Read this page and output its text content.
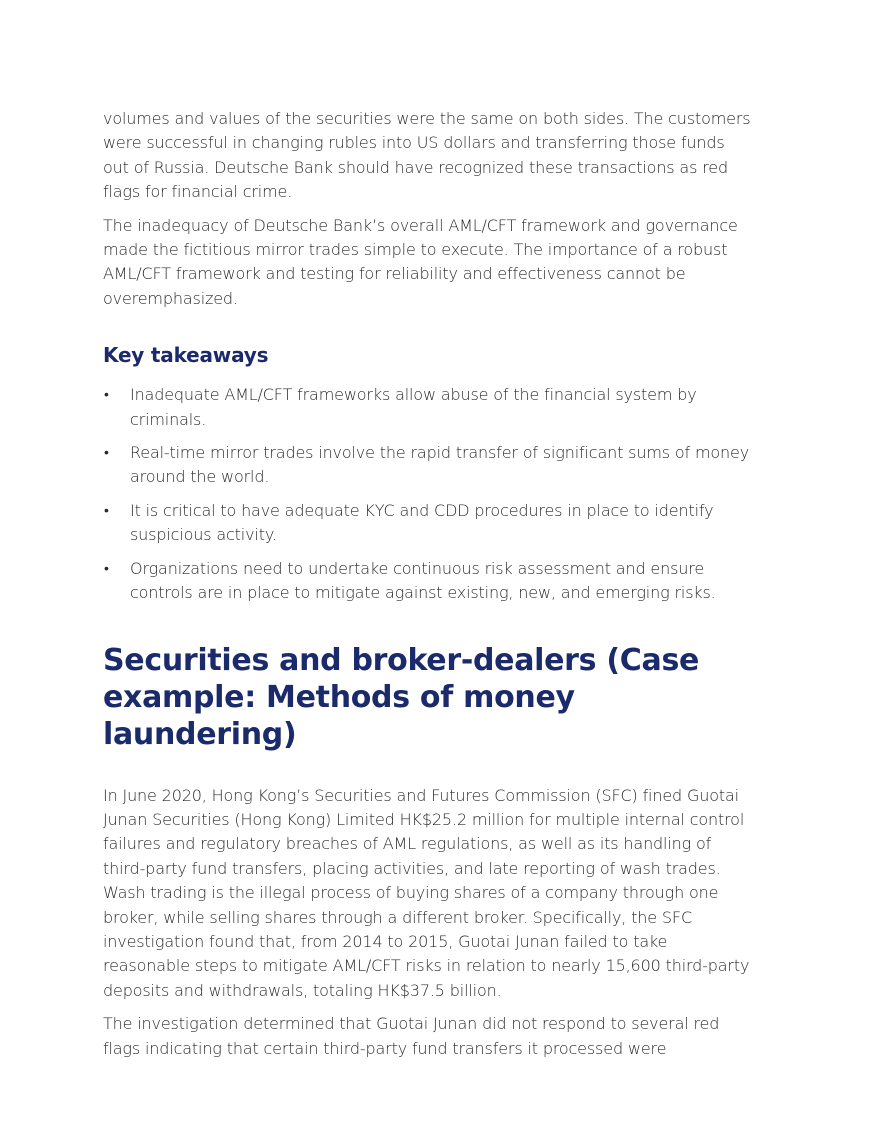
volumes and values of the securities were the same on both sides. The customers were successful in changing rubles into US dollars and transferring those funds out of Russia. Deutsche Bank should have recognized these transactions as red flags for financial crime.

The inadequacy of Deutsche Bank’s overall AML/CFT framework and governance made the fictitious mirror trades simple to execute. The importance of a robust AML/CFT framework and testing for reliability and effectiveness cannot be overemphasized.

Key takeaways
• Inadequate AML/CFT frameworks allow abuse of the financial system by criminals.
• Real-time mirror trades involve the rapid transfer of significant sums of money around the world.
• It is critical to have adequate KYC and CDD procedures in place to identify suspicious activity.
• Organizations need to undertake continuous risk assessment and ensure controls are in place to mitigate against existing, new, and emerging risks.
Securities and broker-dealers (Case example: Methods of money laundering)

In June 2020, Hong Kong’s Securities and Futures Commission (SFC) fined Guotai Junan Securities (Hong Kong) Limited HK$25.2 million for multiple internal control failures and regulatory breaches of AML regulations, as well as its handling of third-party fund transfers, placing activities, and late reporting of wash trades. Wash trading is the illegal process of buying shares of a company through one broker, while selling shares through a different broker. Specifically, the SFC investigation found that, from 2014 to 2015, Guotai Junan failed to take reasonable steps to mitigate AML/CFT risks in relation to nearly 15,600 third-party deposits and withdrawals, totaling HK$37.5 billion.

The investigation determined that Guotai Junan did not respond to several red flags indicating that certain third-party fund transfers it processed were
